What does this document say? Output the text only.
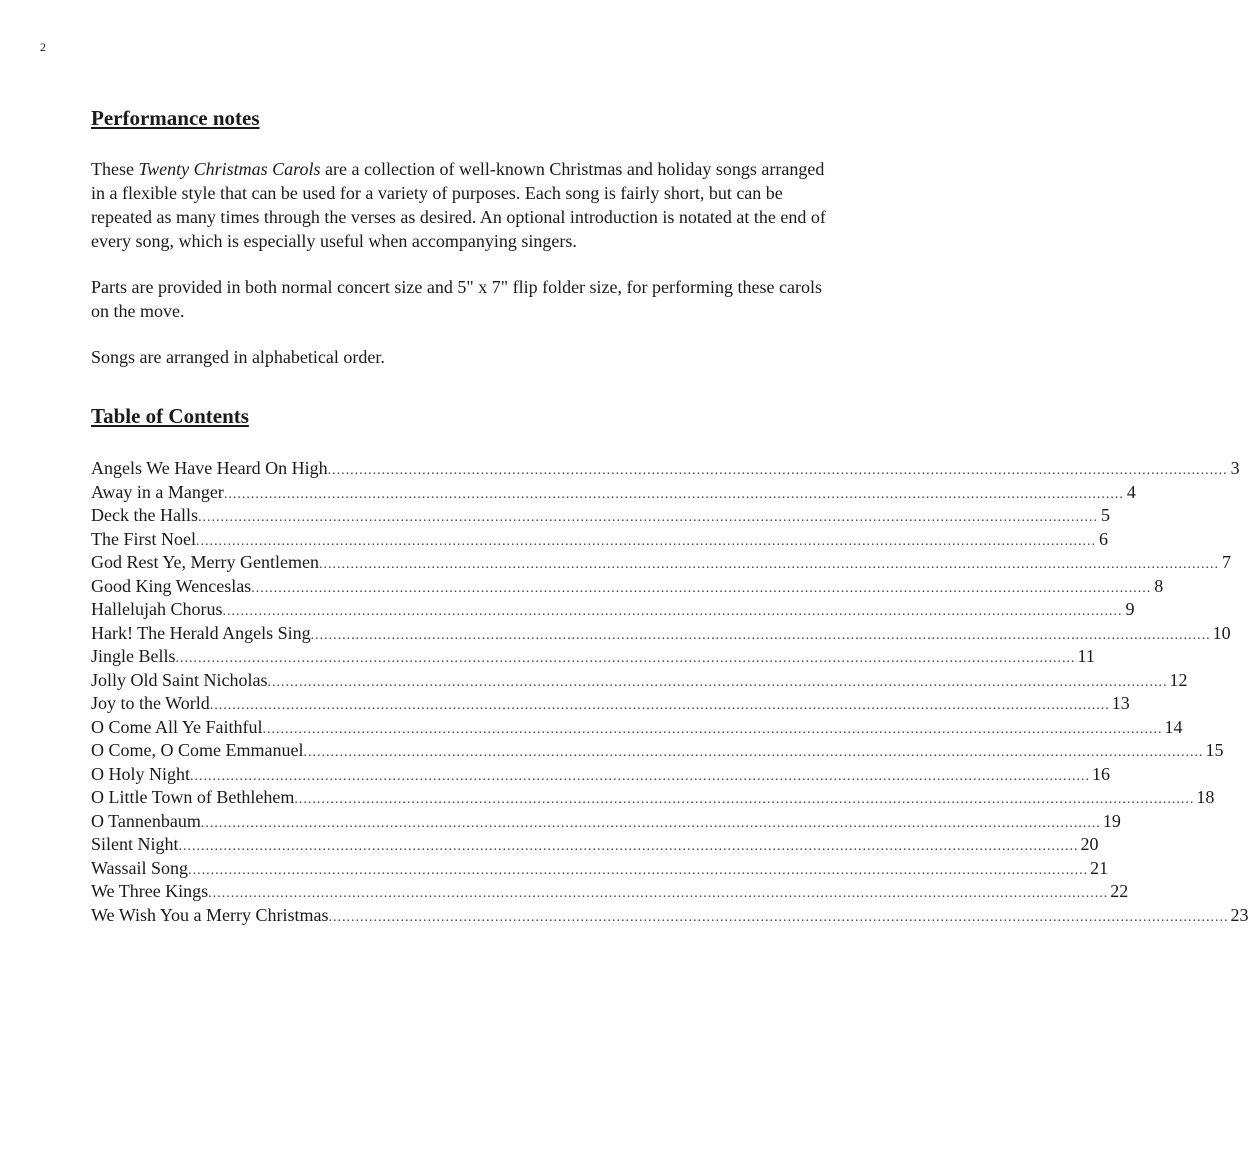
2
Performance notes

These Twenty Christmas Carols are a collection of well-known Christmas and holiday songs arranged in a flexible style that can be used for a variety of purposes. Each song is fairly short, but can be repeated as many times through the verses as desired. An optional introduction is notated at the end of every song, which is especially useful when accompanying singers.

Parts are provided in both normal concert size and 5" x 7" flip folder size, for performing these carols on the move.

Songs are arranged in alphabetical order.

Table of Contents
Angels We Have Heard On High ........................................................................................................................................................................................................ 3
Away in a Manger ........................................................................................................................................................................................................ 4
Deck the Halls ........................................................................................................................................................................................................ 5
The First Noel ........................................................................................................................................................................................................ 6
God Rest Ye, Merry Gentlemen ........................................................................................................................................................................................................ 7
Good King Wenceslas ........................................................................................................................................................................................................ 8
Hallelujah Chorus ........................................................................................................................................................................................................ 9
Hark! The Herald Angels Sing ........................................................................................................................................................................................................ 10
Jingle Bells ........................................................................................................................................................................................................ 11
Jolly Old Saint Nicholas ........................................................................................................................................................................................................ 12
Joy to the World ........................................................................................................................................................................................................ 13
O Come All Ye Faithful ........................................................................................................................................................................................................ 14
O Come, O Come Emmanuel ........................................................................................................................................................................................................ 15
O Holy Night ........................................................................................................................................................................................................ 16
O Little Town of Bethlehem ........................................................................................................................................................................................................ 18
O Tannenbaum ........................................................................................................................................................................................................ 19
Silent Night ........................................................................................................................................................................................................ 20
Wassail Song ........................................................................................................................................................................................................ 21
We Three Kings ........................................................................................................................................................................................................ 22
We Wish You a Merry Christmas ........................................................................................................................................................................................................ 23
